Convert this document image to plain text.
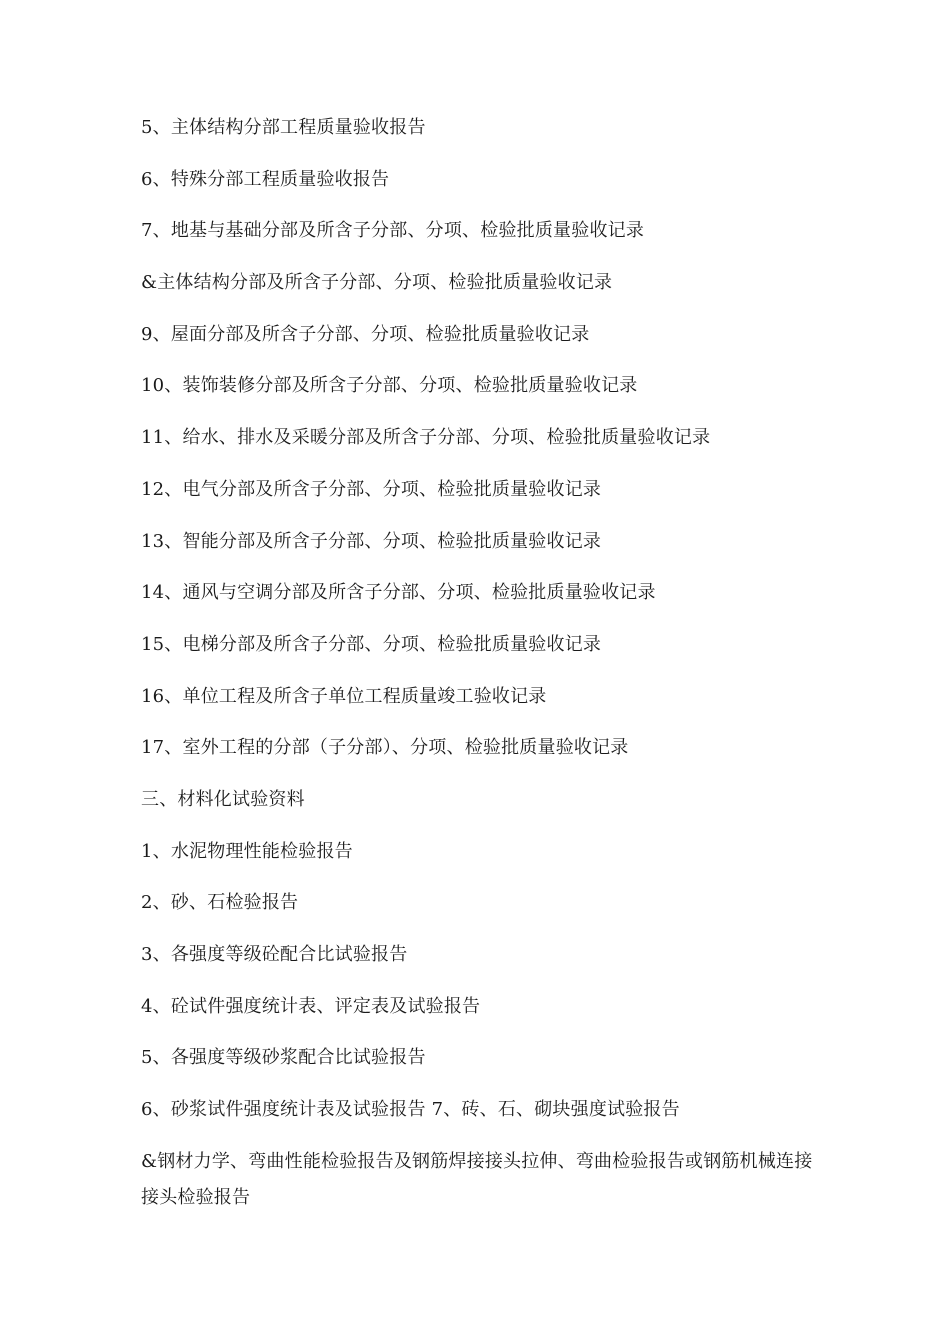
5、主体结构分部工程质量验收报告

6、特殊分部工程质量验收报告

7、地基与基础分部及所含子分部、分项、检验批质量验收记录

&主体结构分部及所含子分部、分项、检验批质量验收记录

9、屋面分部及所含子分部、分项、检验批质量验收记录

10、装饰装修分部及所含子分部、分项、检验批质量验收记录

11、给水、排水及采暖分部及所含子分部、分项、检验批质量验收记录

12、电气分部及所含子分部、分项、检验批质量验收记录

13、智能分部及所含子分部、分项、检验批质量验收记录

14、通风与空调分部及所含子分部、分项、检验批质量验收记录

15、电梯分部及所含子分部、分项、检验批质量验收记录

16、单位工程及所含子单位工程质量竣工验收记录

17、室外工程的分部（子分部）、分项、检验批质量验收记录

三、材料化试验资料

1、水泥物理性能检验报告

2、砂、石检验报告

3、各强度等级砼配合比试验报告

4、砼试件强度统计表、评定表及试验报告

5、各强度等级砂浆配合比试验报告

6、砂浆试件强度统计表及试验报告 7、砖、石、砌块强度试验报告

&钢材力学、弯曲性能检验报告及钢筋焊接接头拉伸、弯曲检验报告或钢筋机械连接接头检验报告
